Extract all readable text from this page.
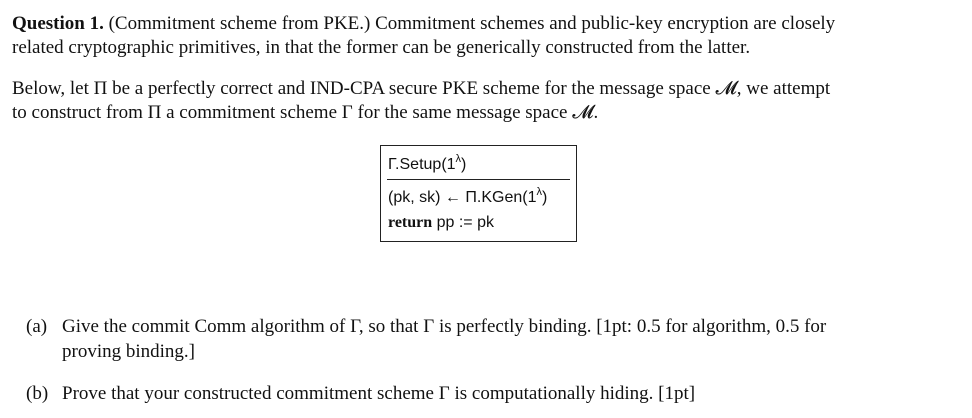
Question 1. (Commitment scheme from PKE.) Commitment schemes and public-key encryption are closely
related cryptographic primitives, in that the former can be generically constructed from the latter.
Below, let Π be a perfectly correct and IND-CPA secure PKE scheme for the message space 𝓜, we attempt
to construct from Π a commitment scheme Γ for the same message space 𝓜.
$\Gamma.Setup(1^\lambda)$
(pk, sk) ← $\Pi.KGen(1^\lambda)$
return pp := pk
(a) Give the commit Comm algorithm of Γ, so that Γ is perfectly binding. [1pt: 0.5 for algorithm, 0.5 for
proving binding.]
(b) Prove that your constructed commitment scheme Γ is computationally hiding. [1pt]
